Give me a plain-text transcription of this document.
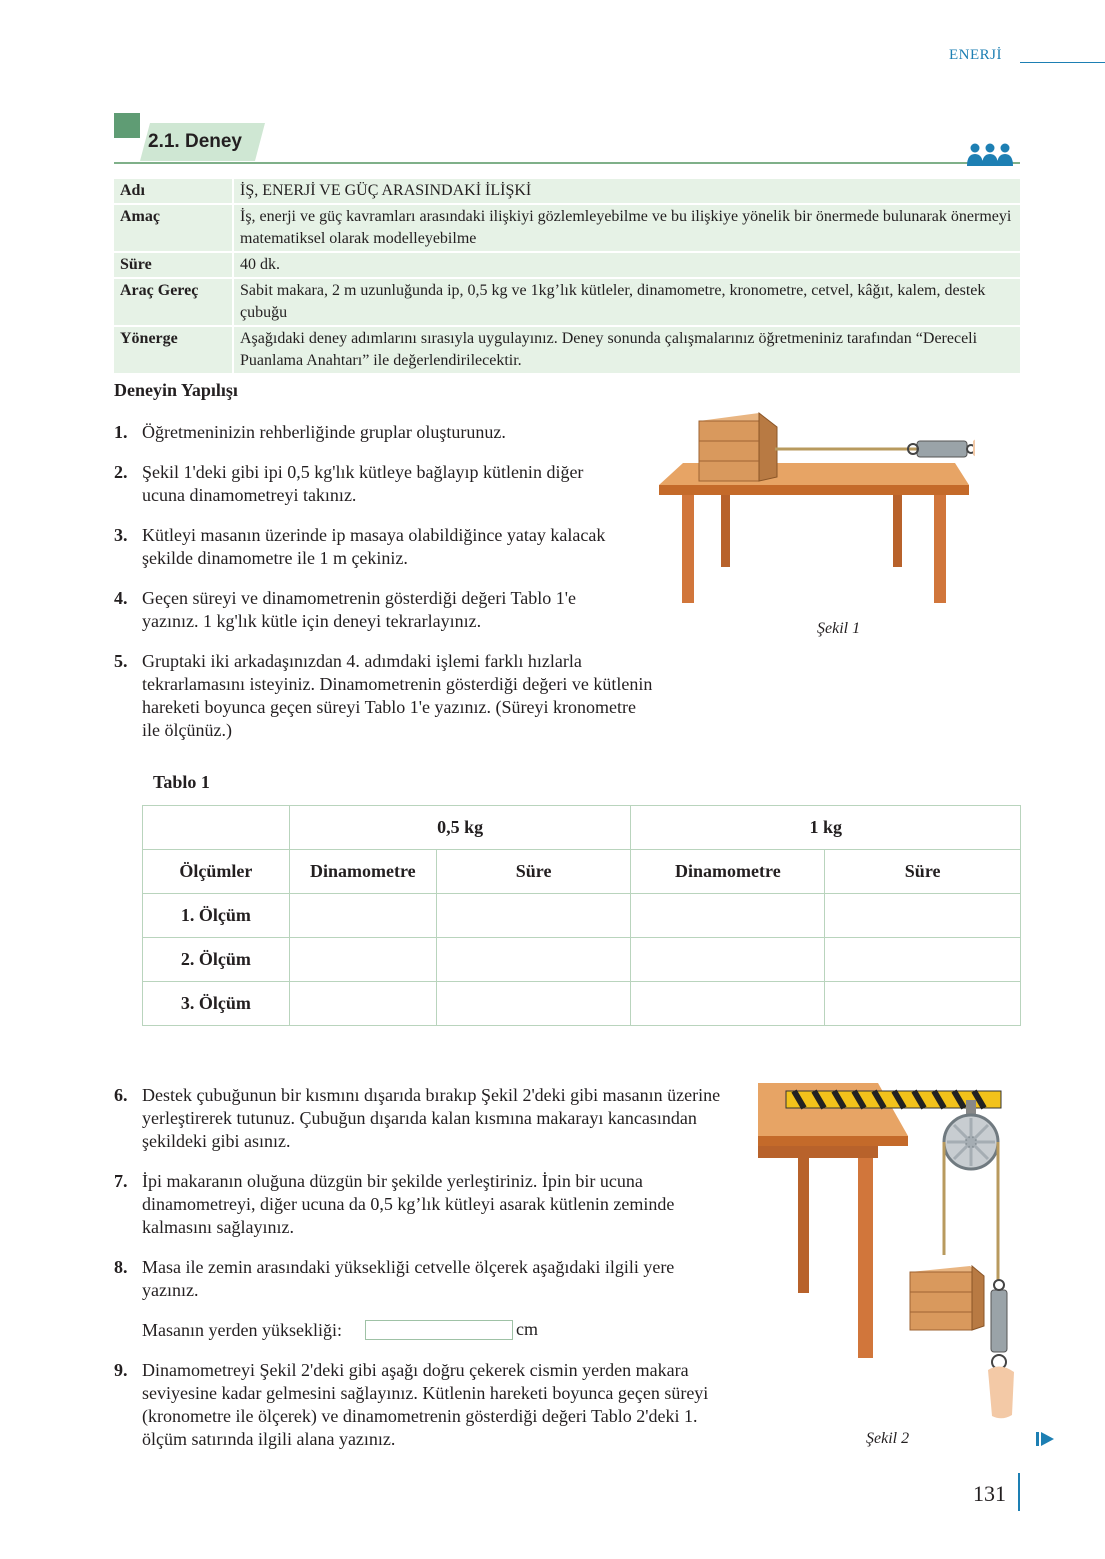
ENERJİ
2.1. Deney
Adı	İŞ, ENERJİ VE GÜÇ ARASINDAKİ İLİŞKİ
Amaç	İş, enerji ve güç kavramları arasındaki ilişkiyi gözlemleyebilme ve bu ilişkiye yönelik bir önermede bulunarak önermeyi matematiksel olarak modelleyebilme
Süre	40 dk.
Araç Gereç	Sabit makara, 2 m uzunluğunda ip, 0,5 kg ve 1kg’lık kütleler, dinamometre, kronometre, cetvel, kâğıt, kalem, destek çubuğu
Yönerge	Aşağıdaki deney adımlarını sırasıyla uygulayınız. Deney sonunda çalışmalarınız öğretmeniniz tarafından “Dereceli Puanlama Anahtarı” ile değerlendirilecektir.
Deneyin Yapılışı
1. Öğretmeninizin rehberliğinde gruplar oluşturunuz.
2. Şekil 1'deki gibi ipi 0,5 kg'lık kütleye bağlayıp kütlenin diğer ucuna dinamometreyi takınız.
3. Kütleyi masanın üzerinde ip masaya olabildiğince yatay kalacak şekilde dinamometre ile 1 m çekiniz.
4. Geçen süreyi ve dinamometrenin gösterdiği değeri Tablo 1'e yazınız. 1 kg'lık kütle için deneyi tekrarlayınız.
5. Gruptaki iki arkadaşınızdan 4. adımdaki işlemi farklı hızlarla tekrarlamasını isteyiniz. Dinamometrenin gösterdiği değeri ve kütlenin hareketi boyunca geçen süreyi Tablo 1'e yazınız. (Süreyi kronometre ile ölçünüz.)
Şekil 1
Tablo 1
	0,5 kg		1 kg	
Ölçümler	Dinamometre	Süre	Dinamometre	Süre
1. Ölçüm				
2. Ölçüm				
3. Ölçüm				
6. Destek çubuğunun bir kısmını dışarıda bırakıp Şekil 2'deki gibi masanın üzerine yerleştirerek tutunuz. Çubuğun dışarıda kalan kısmına makarayı kancasından şekildeki gibi asınız.
7. İpi makaranın oluğuna düzgün bir şekilde yerleştiriniz. İpin bir ucuna dinamometreyi, diğer ucuna da 0,5 kg’lık kütleyi asarak kütlenin zeminde kalmasını sağlayınız.
8. Masa ile zemin arasındaki yüksekliği cetvelle ölçerek aşağıdaki ilgili yere yazınız.
Masanın yerden yüksekliği:
9. Dinamometreyi Şekil 2'deki gibi aşağı doğru çekerek cismin yerden makara seviyesine kadar gelmesini sağlayınız. Kütlenin hareketi boyunca geçen süreyi (kronometre ile ölçerek) ve dinamometrenin gösterdiği değeri Tablo 2'deki 1. ölçüm satırında ilgili alana yazınız.
cm
Şekil 2
131
